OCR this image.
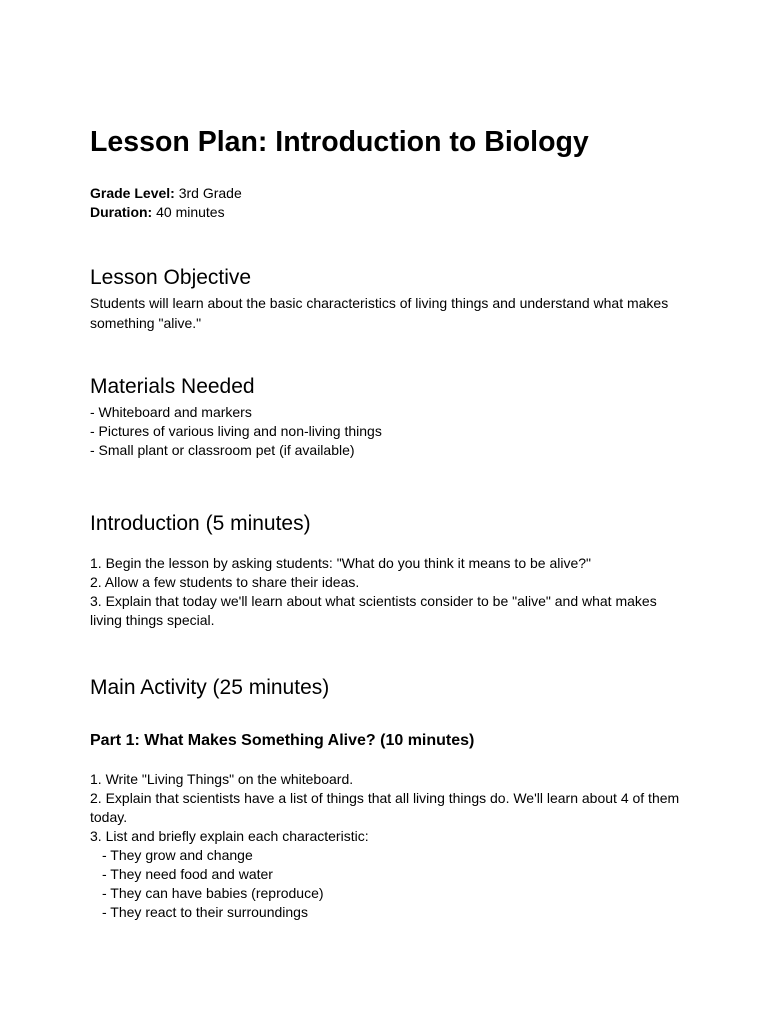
Lesson Plan: Introduction to Biology
Grade Level: 3rd Grade
Duration: 40 minutes
Lesson Objective

Students will learn about the basic characteristics of living things and understand what makes something "alive."

Materials Needed
- Whiteboard and markers
- Pictures of various living and non-living things
- Small plant or classroom pet (if available)
Introduction (5 minutes)
1. Begin the lesson by asking students: "What do you think it means to be alive?"
2. Allow a few students to share their ideas.
3. Explain that today we'll learn about what scientists consider to be "alive" and what makes living things special.
Main Activity (25 minutes)
Part 1: What Makes Something Alive? (10 minutes)
1. Write "Living Things" on the whiteboard.
2. Explain that scientists have a list of things that all living things do. We'll learn about 4 of them today.
3. List and briefly explain each characteristic:
- They grow and change
- They need food and water
- They can have babies (reproduce)
- They react to their surroundings
